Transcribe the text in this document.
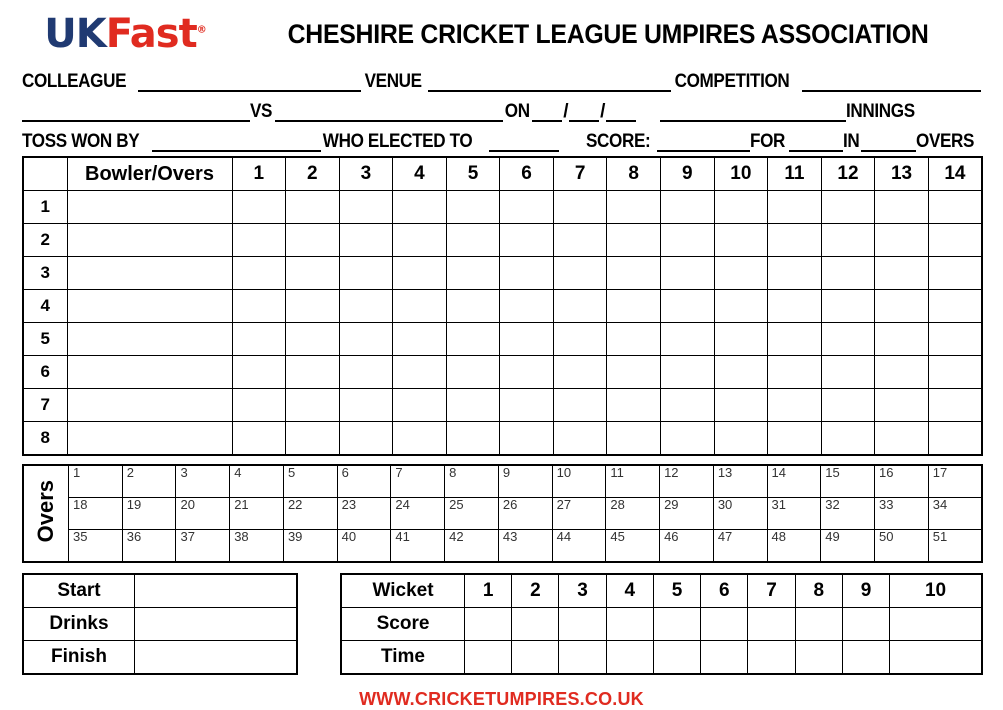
UKFast®	CHESHIRE CRICKET LEAGUE UMPIRES ASSOCIATION
COLLEAGUE	VENUE	COMPETITION
VS	ON / /	INNINGS
TOSS WON BY	WHO ELECTED TO	SCORE:	FOR	IN	OVERS
	Bowler/Overs	1	2	3	4	5	6	7	8	9	10	11	12	13	14
1															
2															
3															
4															
5															
6															
7															
8															
Overs	1	2	3	4	5	6	7	8	9	10	11	12	13	14	15	16	17
	18	19	20	21	22	23	24	25	26	27	28	29	30	31	32	33	34
	35	36	37	38	39	40	41	42	43	44	45	46	47	48	49	50	51
Start	
Drinks	
Finish	
Wicket	1	2	3	4	5	6	7	8	9	10
Score										
Time										
WWW.CRICKETUMPIRES.CO.UK
